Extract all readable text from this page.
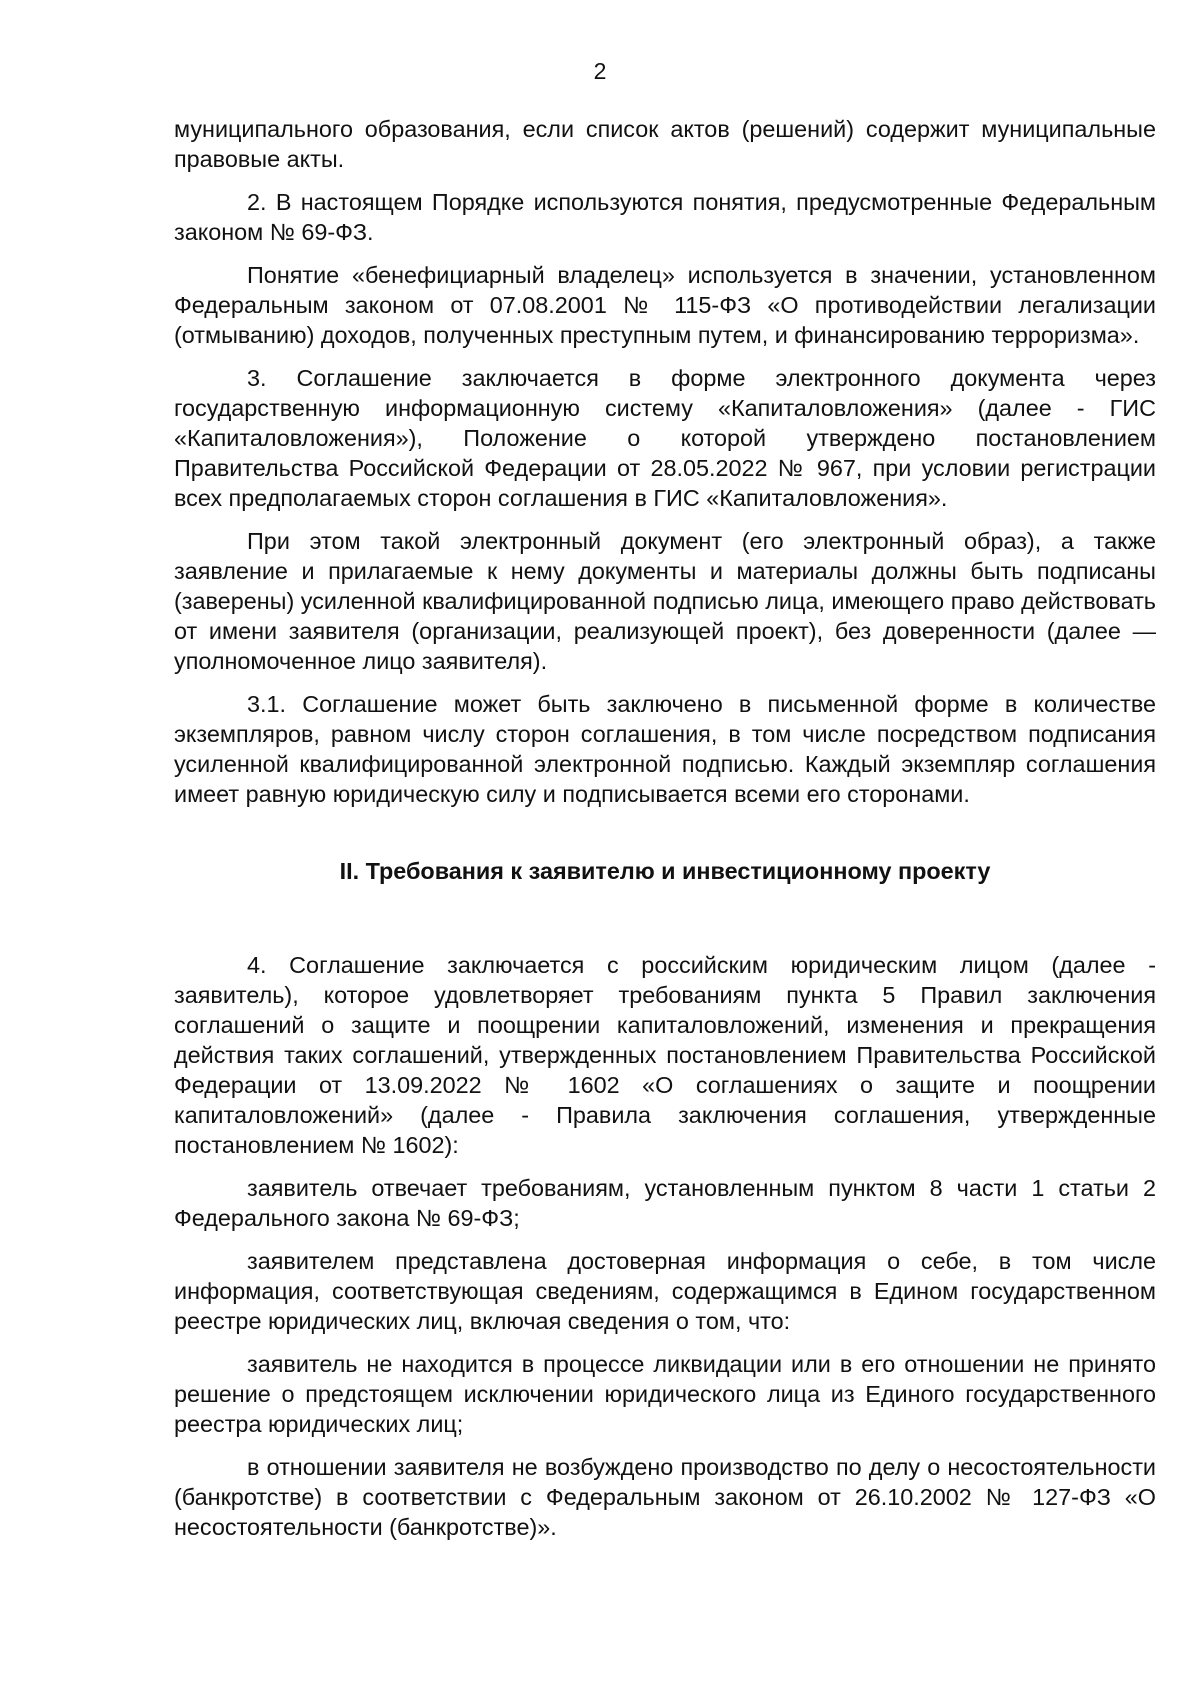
2

муниципального образования, если список актов (решений) содержит муниципальные правовые акты.

2. В настоящем Порядке используются понятия, предусмотренные Федеральным законом № 69-ФЗ.

Понятие «бенефициарный владелец» используется в значении, установленном Федеральным законом от 07.08.2001 № 115-ФЗ «О противодействии легализации (отмыванию) доходов, полученных преступным путем, и финансированию терроризма».

3. Соглашение заключается в форме электронного документа через государственную информационную систему «Капиталовложения» (далее - ГИС «Капиталовложения»), Положение о которой утверждено постановлением Правительства Российской Федерации от 28.05.2022 № 967, при условии регистрации всех предполагаемых сторон соглашения в ГИС «Капиталовложения».

При этом такой электронный документ (его электронный образ), а также заявление и прилагаемые к нему документы и материалы должны быть подписаны (заверены) усиленной квалифицированной подписью лица, имеющего право действовать от имени заявителя (организации, реализующей проект), без доверенности (далее — уполномоченное лицо заявителя).

3.1. Соглашение может быть заключено в письменной форме в количестве экземпляров, равном числу сторон соглашения, в том числе посредством подписания усиленной квалифицированной электронной подписью. Каждый экземпляр соглашения имеет равную юридическую силу и подписывается всеми его сторонами.

II. Требования к заявителю и инвестиционному проекту

4. Соглашение заключается с российским юридическим лицом (далее - заявитель), которое удовлетворяет требованиям пункта 5 Правил заключения соглашений о защите и поощрении капиталовложений, изменения и прекращения действия таких соглашений, утвержденных постановлением Правительства Российской Федерации от 13.09.2022 № 1602 «О соглашениях о защите и поощрении капиталовложений» (далее - Правила заключения соглашения, утвержденные постановлением № 1602):

заявитель отвечает требованиям, установленным пунктом 8 части 1 статьи 2 Федерального закона № 69-ФЗ;

заявителем представлена достоверная информация о себе, в том числе информация, соответствующая сведениям, содержащимся в Едином государственном реестре юридических лиц, включая сведения о том, что:

заявитель не находится в процессе ликвидации или в его отношении не принято решение о предстоящем исключении юридического лица из Единого государственного реестра юридических лиц;

в отношении заявителя не возбуждено производство по делу о несостоятельности (банкротстве) в соответствии с Федеральным законом от 26.10.2002 № 127-ФЗ «О несостоятельности (банкротстве)».
